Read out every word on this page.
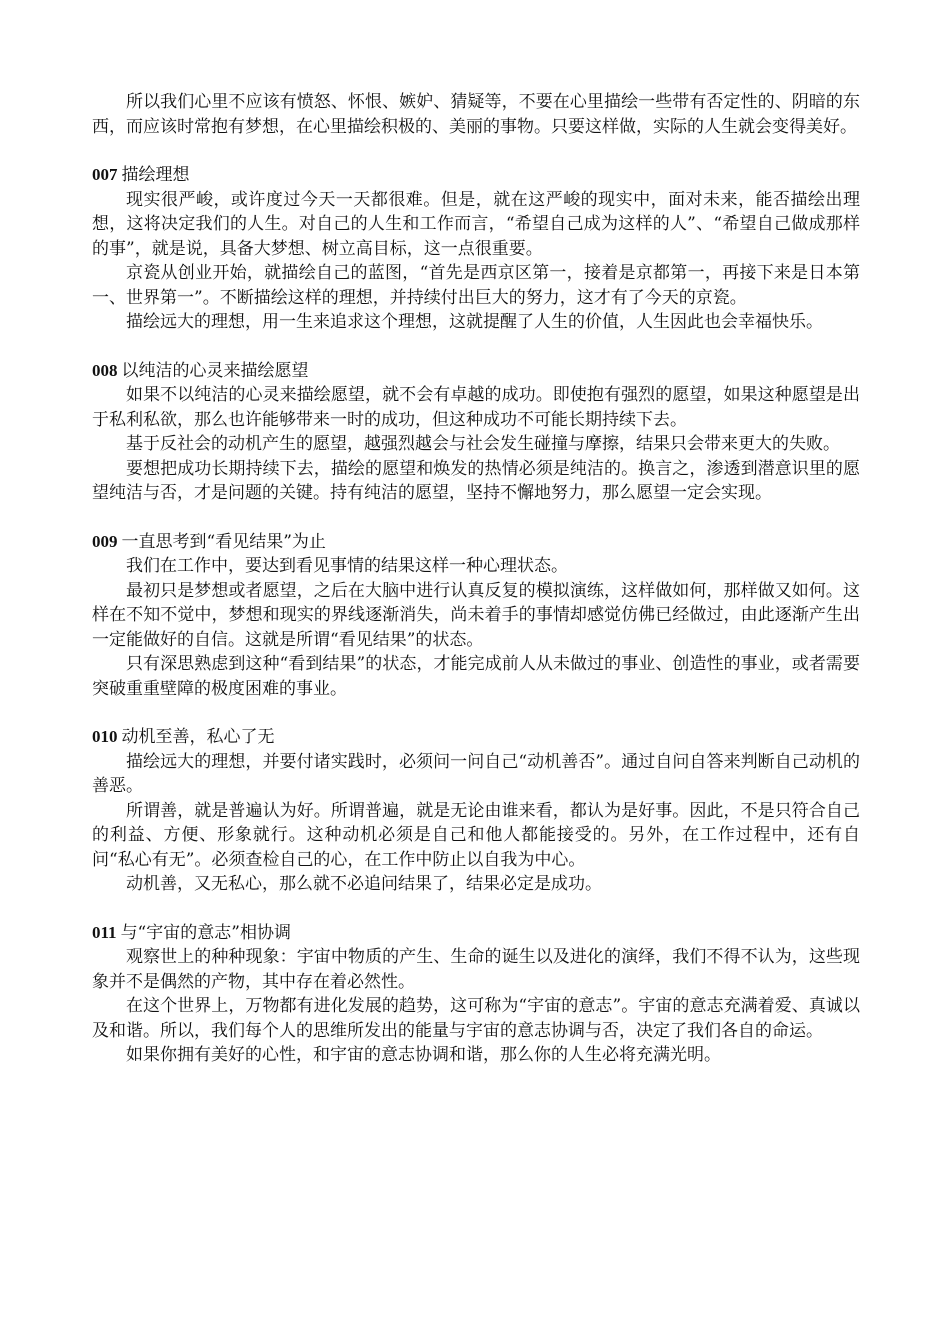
所以我们心里不应该有愤怒、怀恨、嫉妒、猜疑等，不要在心里描绘一些带有否定性的、阴暗的东西，而应该时常抱有梦想，在心里描绘积极的、美丽的事物。只要这样做，实际的人生就会变得美好。

007 描绘理想

现实很严峻，或许度过今天一天都很难。但是，就在这严峻的现实中，面对未来，能否描绘出理想，这将决定我们的人生。对自己的人生和工作而言，“希望自己成为这样的人”、“希望自己做成那样的事”，就是说，具备大梦想、树立高目标，这一点很重要。

京瓷从创业开始，就描绘自己的蓝图，“首先是西京区第一，接着是京都第一，再接下来是日本第一、世界第一”。不断描绘这样的理想，并持续付出巨大的努力，这才有了今天的京瓷。

描绘远大的理想，用一生来追求这个理想，这就提醒了人生的价值，人生因此也会幸福快乐。

008 以纯洁的心灵来描绘愿望

如果不以纯洁的心灵来描绘愿望，就不会有卓越的成功。即使抱有强烈的愿望，如果这种愿望是出于私利私欲，那么也许能够带来一时的成功，但这种成功不可能长期持续下去。

基于反社会的动机产生的愿望，越强烈越会与社会发生碰撞与摩擦，结果只会带来更大的失败。

要想把成功长期持续下去，描绘的愿望和焕发的热情必须是纯洁的。换言之，渗透到潜意识里的愿望纯洁与否，才是问题的关键。持有纯洁的愿望，坚持不懈地努力，那么愿望一定会实现。

009 一直思考到“看见结果”为止

我们在工作中，要达到看见事情的结果这样一种心理状态。

最初只是梦想或者愿望，之后在大脑中进行认真反复的模拟演练，这样做如何，那样做又如何。这样在不知不觉中，梦想和现实的界线逐渐消失，尚未着手的事情却感觉仿佛已经做过，由此逐渐产生出一定能做好的自信。这就是所谓“看见结果”的状态。

只有深思熟虑到这种“看到结果”的状态，才能完成前人从未做过的事业、创造性的事业，或者需要突破重重壁障的极度困难的事业。

010 动机至善，私心了无

描绘远大的理想，并要付诸实践时，必须问一问自己“动机善否”。通过自问自答来判断自己动机的善恶。

所谓善，就是普遍认为好。所谓普遍，就是无论由谁来看，都认为是好事。因此，不是只符合自己的利益、方便、形象就行。这种动机必须是自己和他人都能接受的。另外，在工作过程中，还有自问“私心有无”。必须查检自己的心，在工作中防止以自我为中心。

动机善，又无私心，那么就不必追问结果了，结果必定是成功。

011 与“宇宙的意志”相协调

观察世上的种种现象：宇宙中物质的产生、生命的诞生以及进化的演绎，我们不得不认为，这些现象并不是偶然的产物，其中存在着必然性。

在这个世界上，万物都有进化发展的趋势，这可称为“宇宙的意志”。宇宙的意志充满着爱、真诚以及和谐。所以，我们每个人的思维所发出的能量与宇宙的意志协调与否，决定了我们各自的命运。

如果你拥有美好的心性，和宇宙的意志协调和谐，那么你的人生必将充满光明。
